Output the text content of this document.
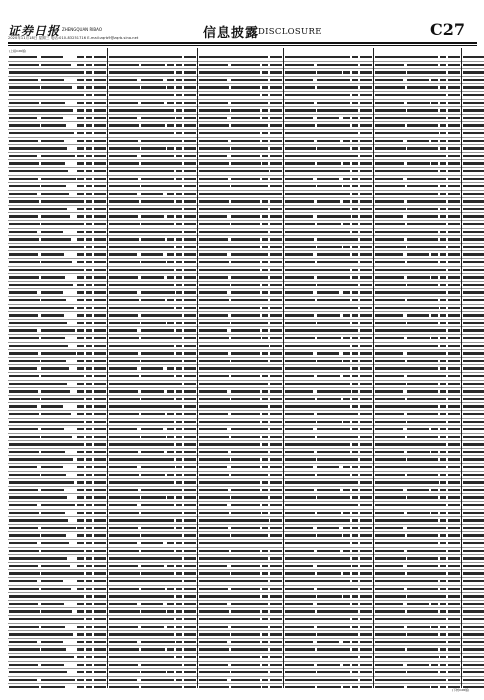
证券日报 ZHENGQUAN RIBAO
2020年11月18日 星期三 电话:010-83251716 E-mail:zqrb9@zqrb.sina.net	信息披露
DISCLOSURE	C27
(上接C26版)
(下转C28版)
